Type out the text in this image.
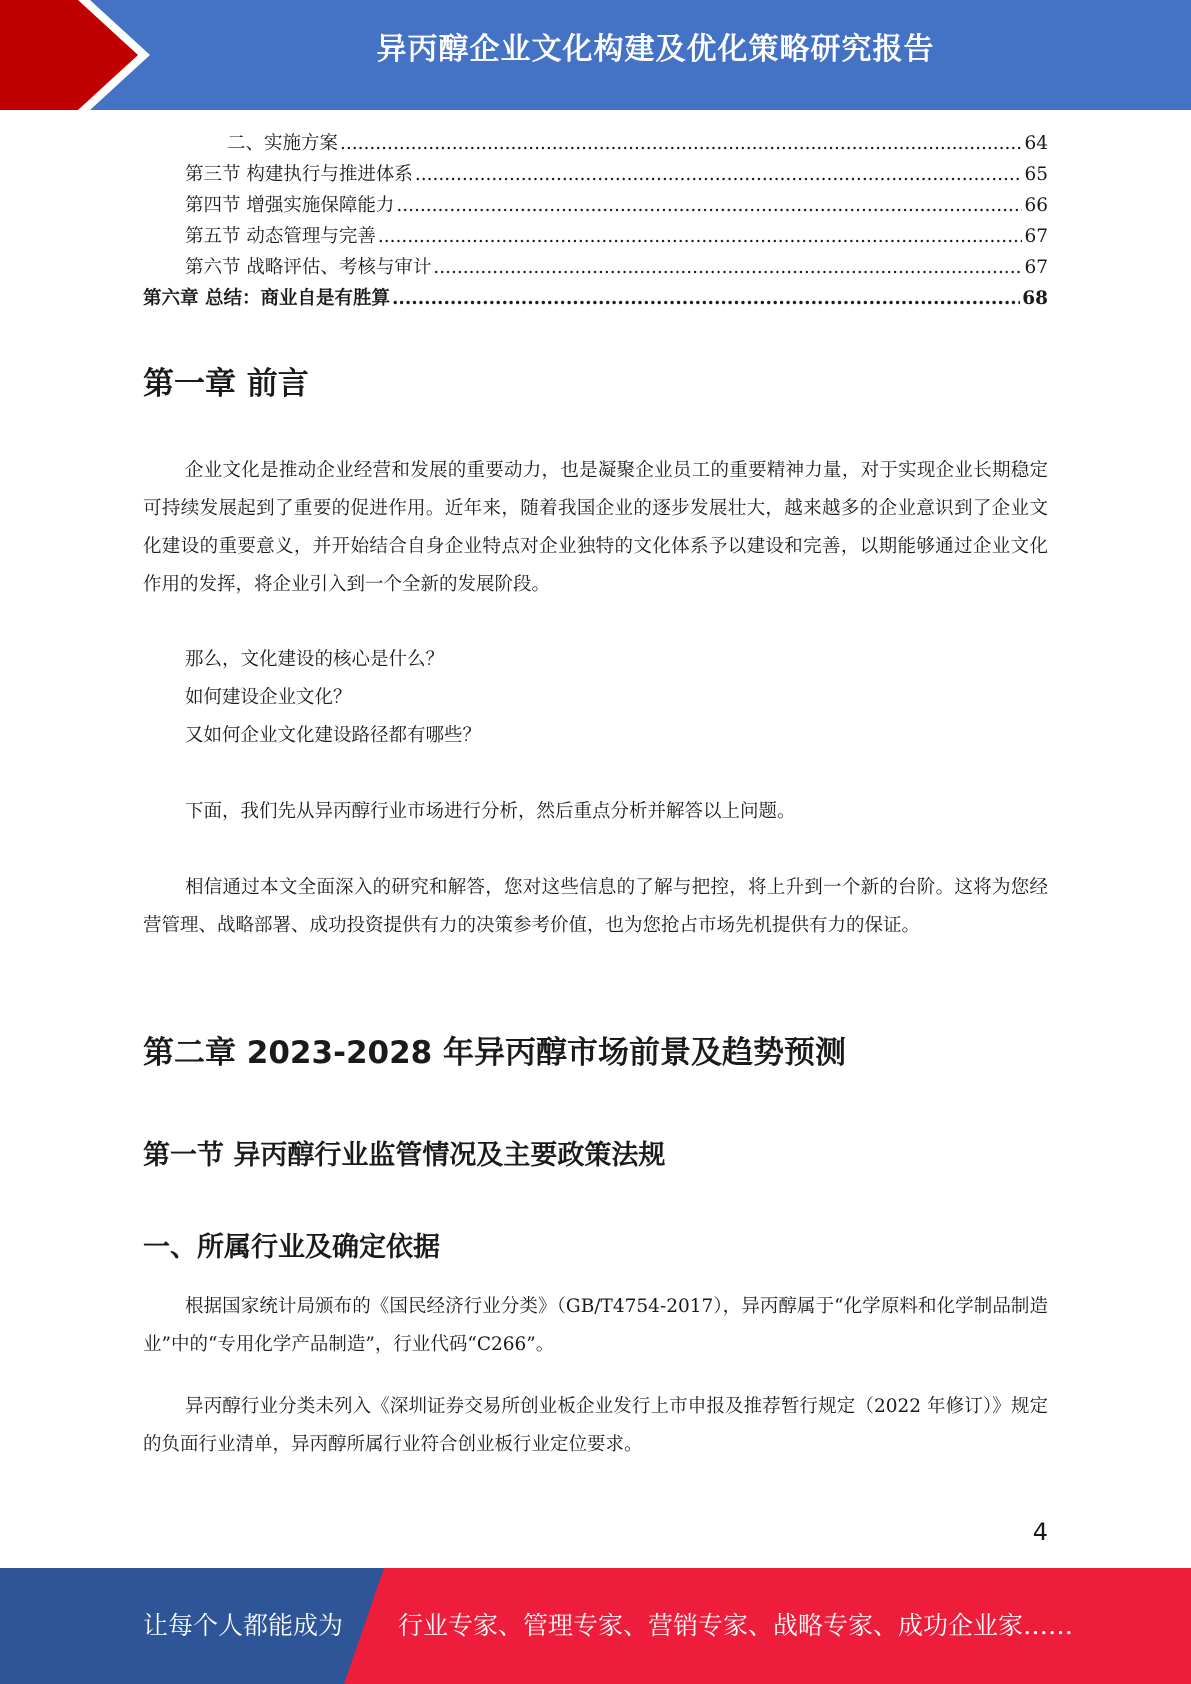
异丙醇企业文化构建及优化策略研究报告
二、实施方案 .....	64
第三节 构建执行与推进体系 .....	65
第四节 增强实施保障能力 .....	66
第五节 动态管理与完善 .....	67
第六节 战略评估、考核与审计 .....	67
第六章 总结：商业自是有胜算 .....	68
第一章 前言

企业文化是推动企业经营和发展的重要动力，也是凝聚企业员工的重要精神力量，对于实现企业长期稳定可持续发展起到了重要的促进作用。近年来，随着我国企业的逐步发展壮大，越来越多的企业意识到了企业文化建设的重要意义，并开始结合自身企业特点对企业独特的文化体系予以建设和完善，以期能够通过企业文化作用的发挥，将企业引入到一个全新的发展阶段。

那么，文化建设的核心是什么？

如何建设企业文化？

又如何企业文化建设路径都有哪些？

下面，我们先从异丙醇行业市场进行分析，然后重点分析并解答以上问题。

相信通过本文全面深入的研究和解答，您对这些信息的了解与把控，将上升到一个新的台阶。这将为您经营管理、战略部署、成功投资提供有力的决策参考价值，也为您抢占市场先机提供有力的保证。

第二章 2023-2028 年异丙醇市场前景及趋势预测
第一节 异丙醇行业监管情况及主要政策法规
一、所属行业及确定依据

根据国家统计局颁布的《国民经济行业分类》（GB/T4754-2017），异丙醇属于“化学原料和化学制品制造业”中的“专用化学产品制造”，行业代码“C266”。

异丙醇行业分类未列入《深圳证券交易所创业板企业发行上市申报及推荐暂行规定（2022 年修订）》规定的负面行业清单，异丙醇所属行业符合创业板行业定位要求。

4
让每个人都能成为 行业专家、管理专家、营销专家、战略专家、成功企业家……
